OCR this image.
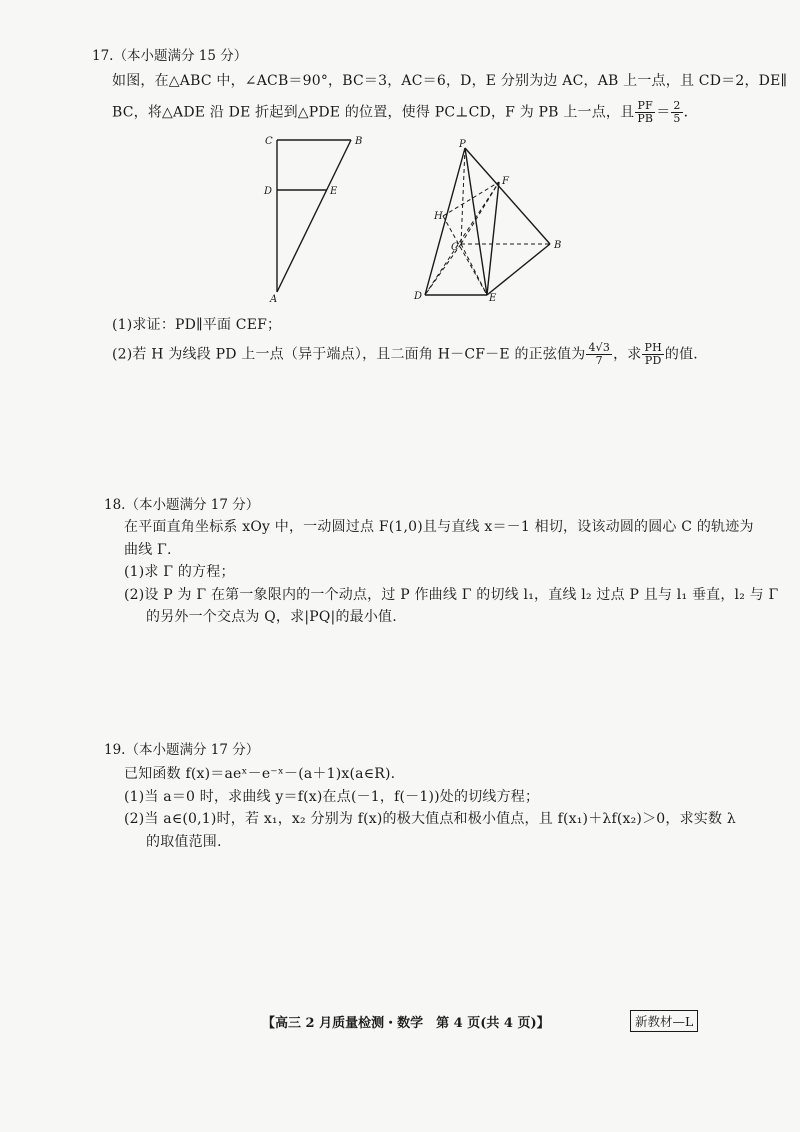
17.（本小题满分 15 分）
如图，在△ABC 中，∠ACB＝90°，BC＝3，AC＝6，D，E 分别为边 AC，AB 上一点，且 CD＝2，DE∥
BC，将△ADE 沿 DE 折起到△PDE 的位置，使得 PC⊥CD，F 为 PB 上一点，且 $\frac{PF}{PB} = \frac{2}{5}$ ．
C	B
D	E
A
P
F
H
C	B
D	E
(1)求证：PD∥平面 CEF；
(2)若 H 为线段 PD 上一点（异于端点），且二面角 H－CF－E 的正弦值为 $\frac{4√3}{7}$ ，求 $\frac{PH}{PD}$ 的值.
18.（本小题满分 17 分）
在平面直角坐标系 xOy 中，一动圆过点 F(1,0)且与直线 x＝－1 相切，设该动圆的圆心 C 的轨迹为
曲线 Γ.
(1)求 Γ 的方程；
(2)设 P 为 Γ 在第一象限内的一个动点，过 P 作曲线 Γ 的切线 l₁，直线 l₂ 过点 P 且与 l₁ 垂直，l₂ 与 Γ
的另外一个交点为 Q，求|PQ|的最小值.
19.（本小题满分 17 分）
已知函数 f(x)＝aeˣ－e⁻ˣ－(a＋1)x(a∈R).
(1)当 a＝0 时，求曲线 y＝f(x)在点(－1，f(－1))处的切线方程；
(2)当 a∈(0,1)时，若 x₁，x₂ 分别为 f(x)的极大值点和极小值点，且 f(x₁)＋λf(x₂)＞0，求实数 λ
的取值范围.
【高三 2 月质量检测・数学　第 4 页(共 4 页)】	新教材—L
